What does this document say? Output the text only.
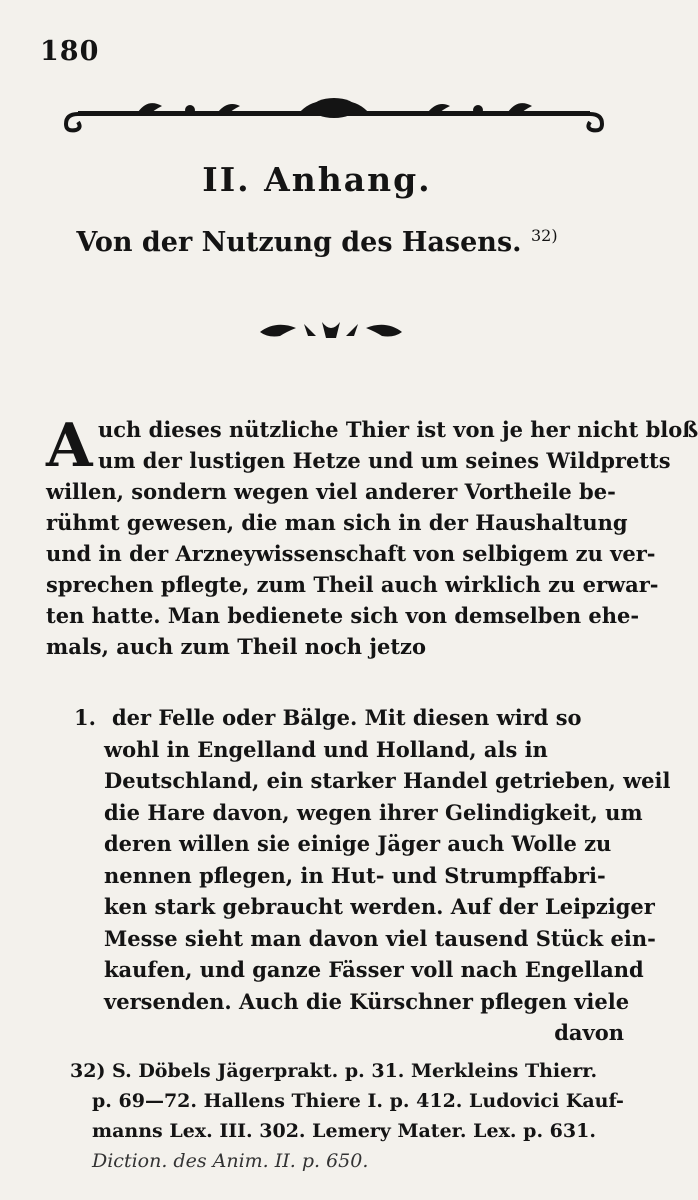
180
II. Anhang.
Von der Nutzung des Hasens. $^{32)}$
A uch dieses nützliche Thier ist von je her nicht bloß
um der lustigen Hetze und um seines Wildpretts
willen, sondern wegen viel anderer Vortheile be-
rühmt gewesen, die man sich in der Haushaltung
und in der Arzneywissenschaft von selbigem zu ver-
sprechen pflegte, zum Theil auch wirklich zu erwar-
ten hatte. Man bedienete sich von demselben ehe-
mals, auch zum Theil noch jetzo
1. der Felle oder Bälge. Mit diesen wird so
wohl in Engelland und Holland, als in
Deutschland, ein starker Handel getrieben, weil
die Hare davon, wegen ihrer Gelindigkeit, um
deren willen sie einige Jäger auch Wolle zu
nennen pflegen, in Hut- und Strumpffabri-
ken stark gebraucht werden. Auf der Leipziger
Messe sieht man davon viel tausend Stück ein-
kaufen, und ganze Fässer voll nach Engelland
versenden. Auch die Kürschner pflegen viele
davon
32) S. Döbels Jägerprakt. p. 31. Merkleins Thierr.
p. 69—72. Hallens Thiere I. p. 412. Ludovici Kauf-
manns Lex. III. 302. Lemery Mater. Lex. p. 631.
Diction. des Anim. II. p. 650.
